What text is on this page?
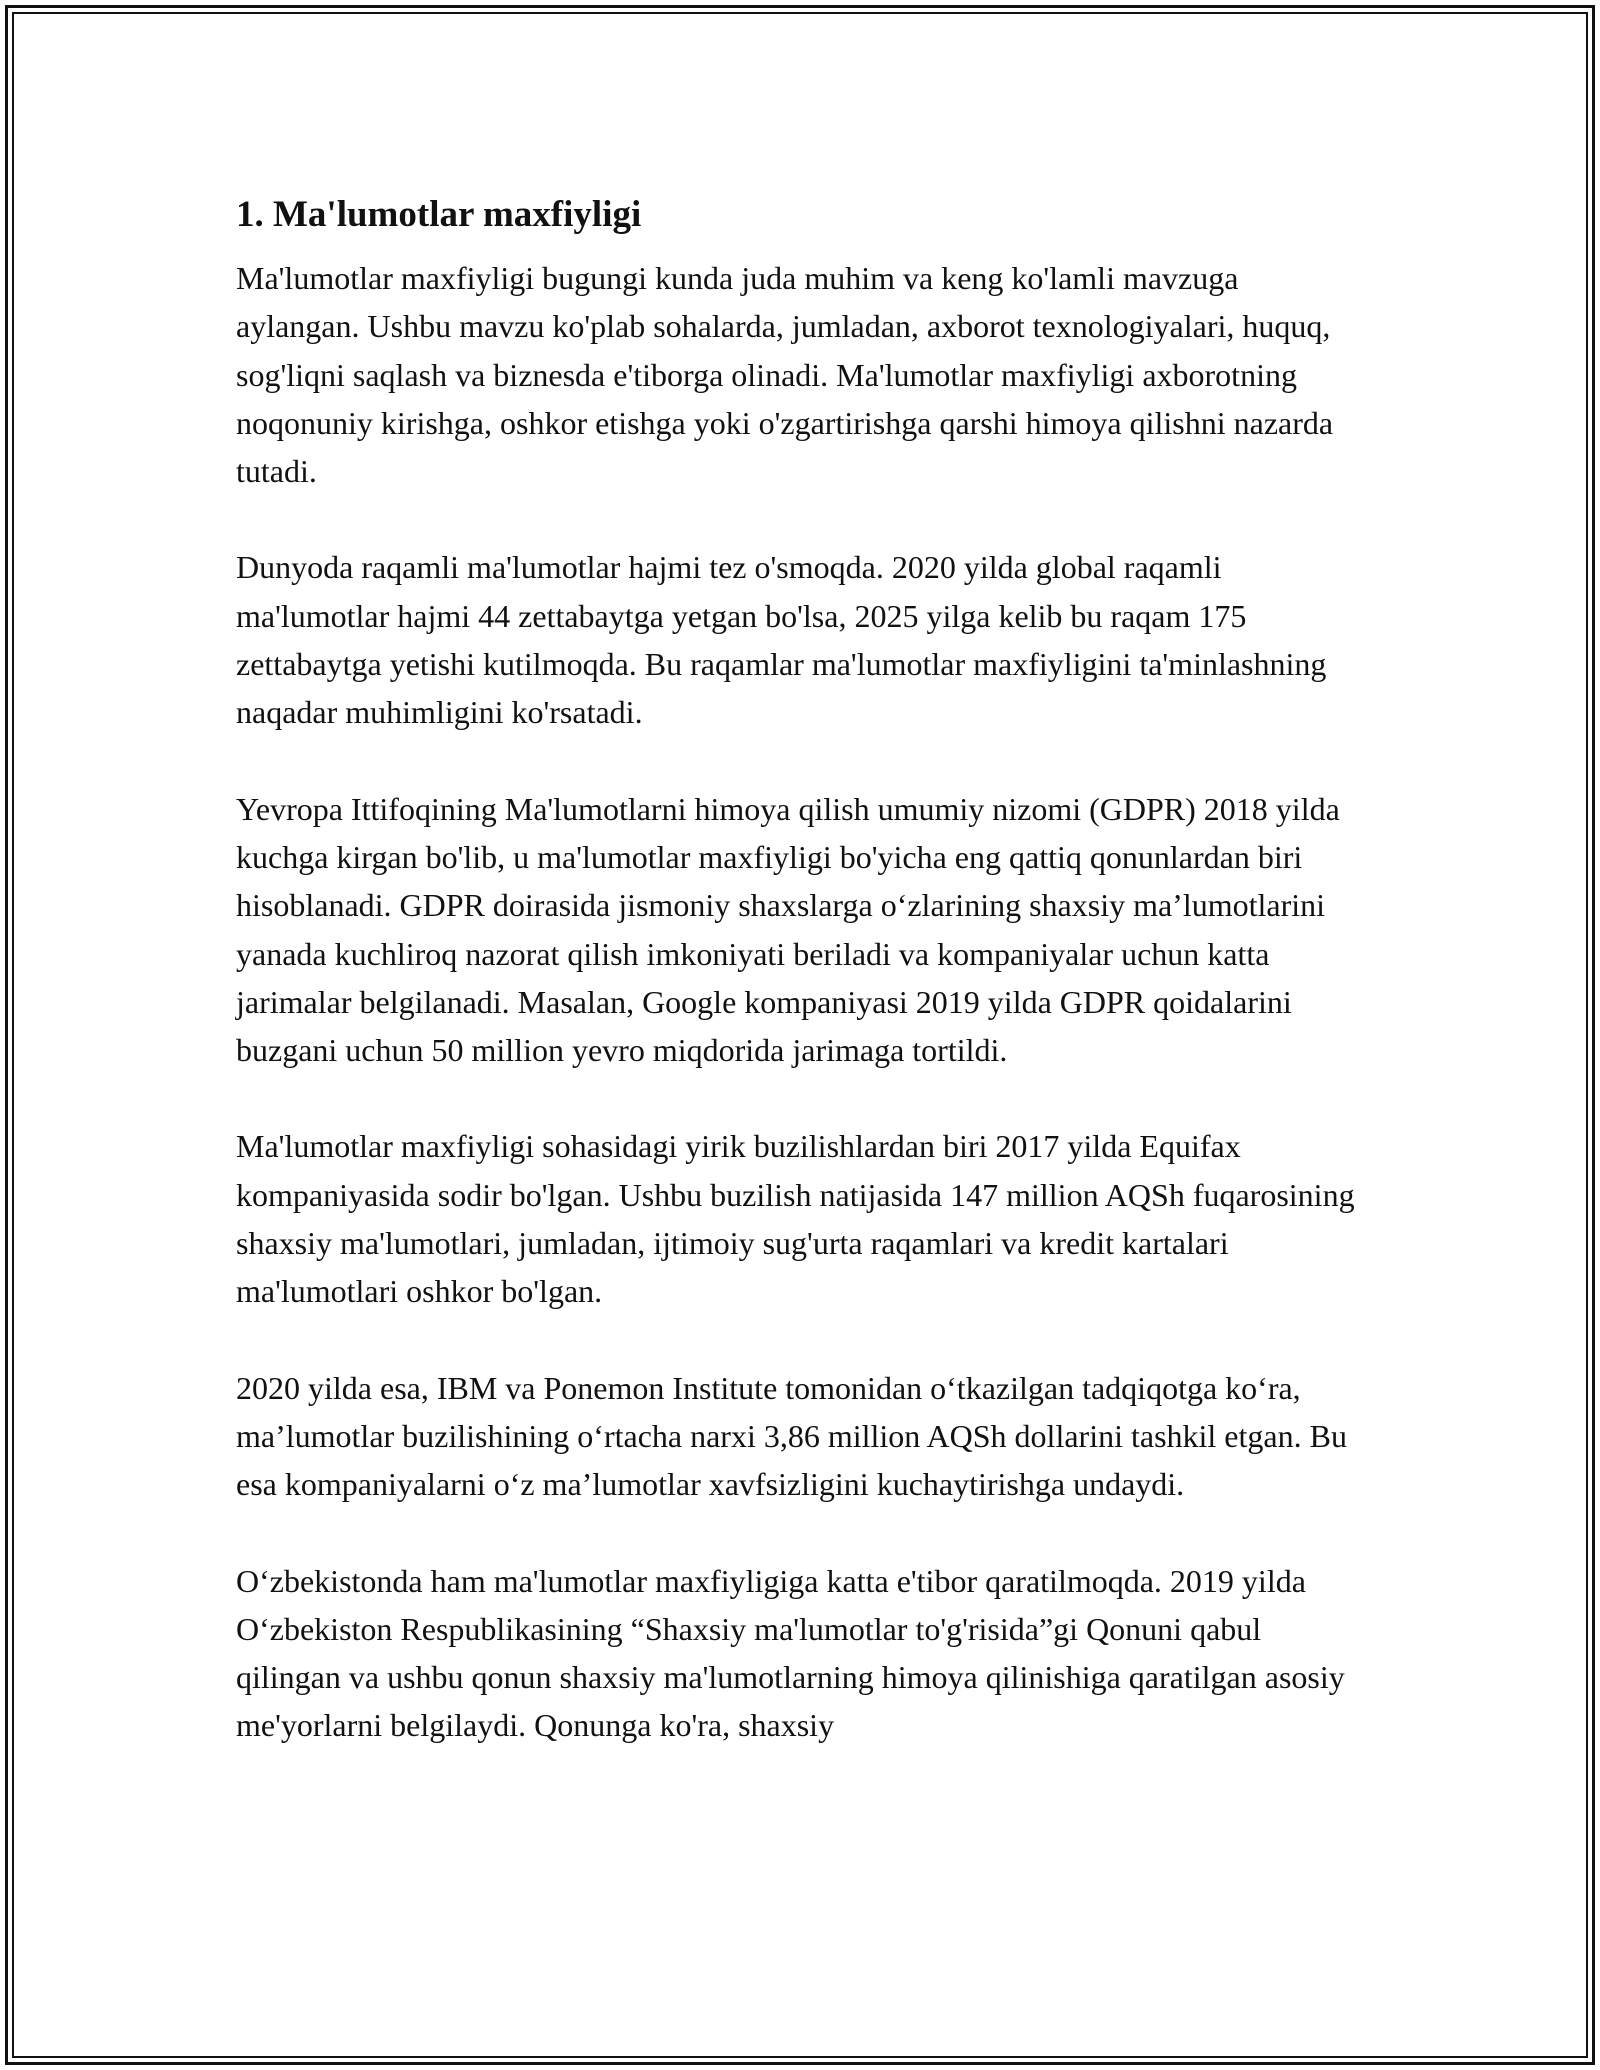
1. Ma'lumotlar maxfiyligi

Ma'lumotlar maxfiyligi bugungi kunda juda muhim va keng ko'lamli mavzuga aylangan. Ushbu mavzu ko'plab sohalarda, jumladan, axborot texnologiyalari, huquq, sog'liqni saqlash va biznesda e'tiborga olinadi. Ma'lumotlar maxfiyligi axborotning noqonuniy kirishga, oshkor etishga yoki o'zgartirishga qarshi himoya qilishni nazarda tutadi.

Dunyoda raqamli ma'lumotlar hajmi tez o'smoqda. 2020 yilda global raqamli ma'lumotlar hajmi 44 zettabaytga yetgan bo'lsa, 2025 yilga kelib bu raqam 175 zettabaytga yetishi kutilmoqda. Bu raqamlar ma'lumotlar maxfiyligini ta'minlashning naqadar muhimligini ko'rsatadi.

Yevropa Ittifoqining Ma'lumotlarni himoya qilish umumiy nizomi (GDPR) 2018 yilda kuchga kirgan bo'lib, u ma'lumotlar maxfiyligi bo'yicha eng qattiq qonunlardan biri hisoblanadi. GDPR doirasida jismoniy shaxslarga o‘zlarining shaxsiy ma’lumotlarini yanada kuchliroq nazorat qilish imkoniyati beriladi va kompaniyalar uchun katta jarimalar belgilanadi. Masalan, Google kompaniyasi 2019 yilda GDPR qoidalarini buzgani uchun 50 million yevro miqdorida jarimaga tortildi.

Ma'lumotlar maxfiyligi sohasidagi yirik buzilishlardan biri 2017 yilda Equifax kompaniyasida sodir bo'lgan. Ushbu buzilish natijasida 147 million AQSh fuqarosining shaxsiy ma'lumotlari, jumladan, ijtimoiy sug'urta raqamlari va kredit kartalari ma'lumotlari oshkor bo'lgan.

2020 yilda esa, IBM va Ponemon Institute tomonidan o‘tkazilgan tadqiqotga ko‘ra, ma’lumotlar buzilishining o‘rtacha narxi 3,86 million AQSh dollarini tashkil etgan. Bu esa kompaniyalarni o‘z ma’lumotlar xavfsizligini kuchaytirishga undaydi.

O‘zbekistonda ham ma'lumotlar maxfiyligiga katta e'tibor qaratilmoqda. 2019 yilda O‘zbekiston Respublikasining “Shaxsiy ma'lumotlar to'g'risida”gi Qonuni qabul qilingan va ushbu qonun shaxsiy ma'lumotlarning himoya qilinishiga qaratilgan asosiy me'yorlarni belgilaydi. Qonunga ko'ra, shaxsiy
